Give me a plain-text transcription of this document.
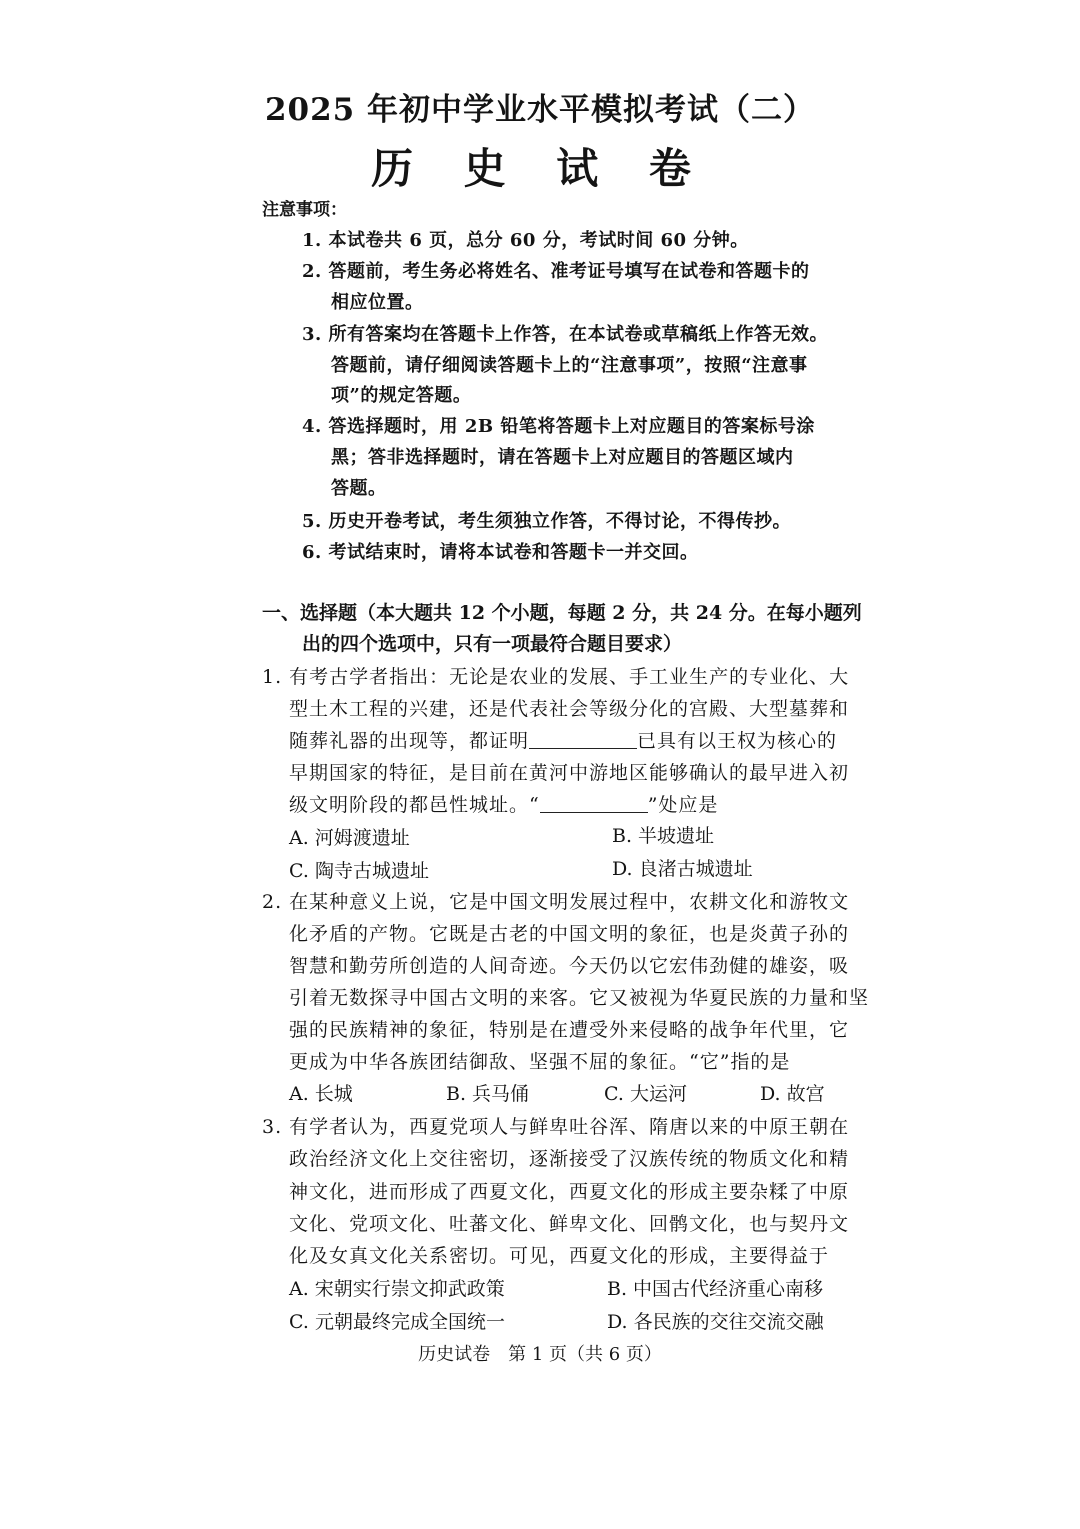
2025 年初中学业水平模拟考试（二）
历 史 试 卷
注意事项：
1. 本试卷共 6 页，总分 60 分，考试时间 60 分钟。
2. 答题前，考生务必将姓名、准考证号填写在试卷和答题卡的
相应位置。
3. 所有答案均在答题卡上作答，在本试卷或草稿纸上作答无效。
答题前，请仔细阅读答题卡上的“注意事项”，按照“注意事
项”的规定答题。
4. 答选择题时，用 2B 铅笔将答题卡上对应题目的答案标号涂
黑；答非选择题时，请在答题卡上对应题目的答题区域内
答题。
5. 历史开卷考试，考生须独立作答，不得讨论，不得传抄。
6. 考试结束时，请将本试卷和答题卡一并交回。
一、选择题（本大题共 12 个小题，每题 2 分，共 24 分。在每小题列
出的四个选项中，只有一项最符合题目要求）
1. 有考古学者指出：无论是农业的发展、手工业生产的专业化、大
型土木工程的兴建，还是代表社会等级分化的宫殿、大型墓葬和
随葬礼器的出现等，都证明	已具有以王权为核心的
早期国家的特征，是目前在黄河中游地区能够确认的最早进入初
级文明阶段的都邑性城址。“	”处应是
A. 河姆渡遗址	B. 半坡遗址
C. 陶寺古城遗址	D. 良渚古城遗址
2. 在某种意义上说，它是中国文明发展过程中，农耕文化和游牧文
化矛盾的产物。它既是古老的中国文明的象征，也是炎黄子孙的
智慧和勤劳所创造的人间奇迹。今天仍以它宏伟劲健的雄姿，吸
引着无数探寻中国古文明的来客。它又被视为华夏民族的力量和坚
强的民族精神的象征，特别是在遭受外来侵略的战争年代里，它
更成为中华各族团结御敌、坚强不屈的象征。“它”指的是
A. 长城	B. 兵马俑	C. 大运河	D. 故宫
3. 有学者认为，西夏党项人与鲜卑吐谷浑、隋唐以来的中原王朝在
政治经济文化上交往密切，逐渐接受了汉族传统的物质文化和精
神文化，进而形成了西夏文化，西夏文化的形成主要杂糅了中原
文化、党项文化、吐蕃文化、鲜卑文化、回鹘文化，也与契丹文
化及女真文化关系密切。可见，西夏文化的形成，主要得益于
A. 宋朝实行崇文抑武政策	B. 中国古代经济重心南移
C. 元朝最终完成全国统一	D. 各民族的交往交流交融
历史试卷　第 1 页（共 6 页）
